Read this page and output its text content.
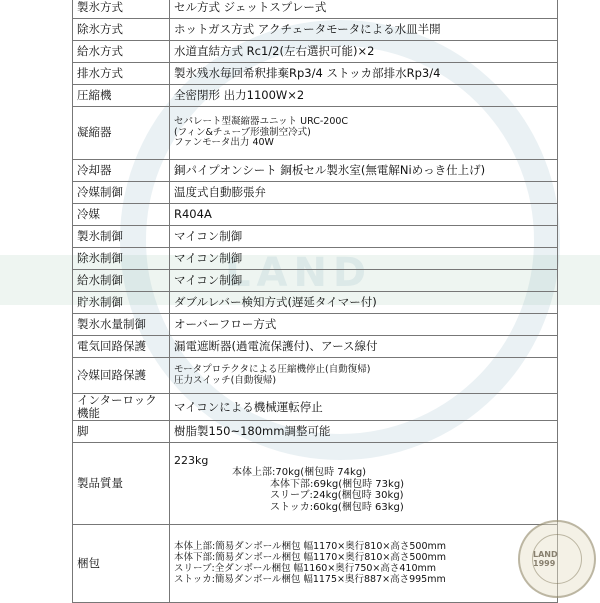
LAND
製氷方式	セル方式 ジェットスプレー式

除氷方式	ホットガス方式 アクチェータモータによる水皿半開

給水方式	水道直結方式 Rc1/2(左右選択可能)×2

排水方式	製氷残水毎回希釈排棄Rp3/4 ストッカ部排水Rp3/4

圧縮機	全密閉形 出力1100W×2

凝縮器	セパレート型凝縮器ユニット URC-200C
(フィン&チューブ形強制空冷式)
ファンモータ出力 40W

冷却器	銅パイプオンシート 銅板セル製氷室(無電解Niめっき仕上げ)

冷媒制御	温度式自動膨張弁

冷媒	R404A

製氷制御	マイコン制御

除氷制御	マイコン制御

給水制御	マイコン制御

貯氷制御	ダブルレバー検知方式(遅延タイマー付)

製氷水量制御	オーバーフロー方式

電気回路保護	漏電遮断器(過電流保護付)、アース線付

冷媒回路保護	モータプロテクタによる圧縮機停止(自動復帰)
圧力スイッチ(自動復帰)

インターロック機能	マイコンによる機械運転停止

脚	樹脂製150~180mm調整可能

製品質量	223kg
本体上部:70kg(梱包時 74kg)
本体下部:69kg(梱包時 73kg)
スリーブ:24kg(梱包時 30kg)
ストッカ:60kg(梱包時 63kg)

梱包	本体上部:簡易ダンボール梱包 幅1170×奥行810×高さ500mm
本体下部:簡易ダンボール梱包 幅1170×奥行810×高さ500mm
スリーブ:全ダンボール梱包 幅1160×奥行750×高さ410mm
ストッカ:簡易ダンボール梱包 幅1175×奥行887×高さ995mm
LAND 1999
